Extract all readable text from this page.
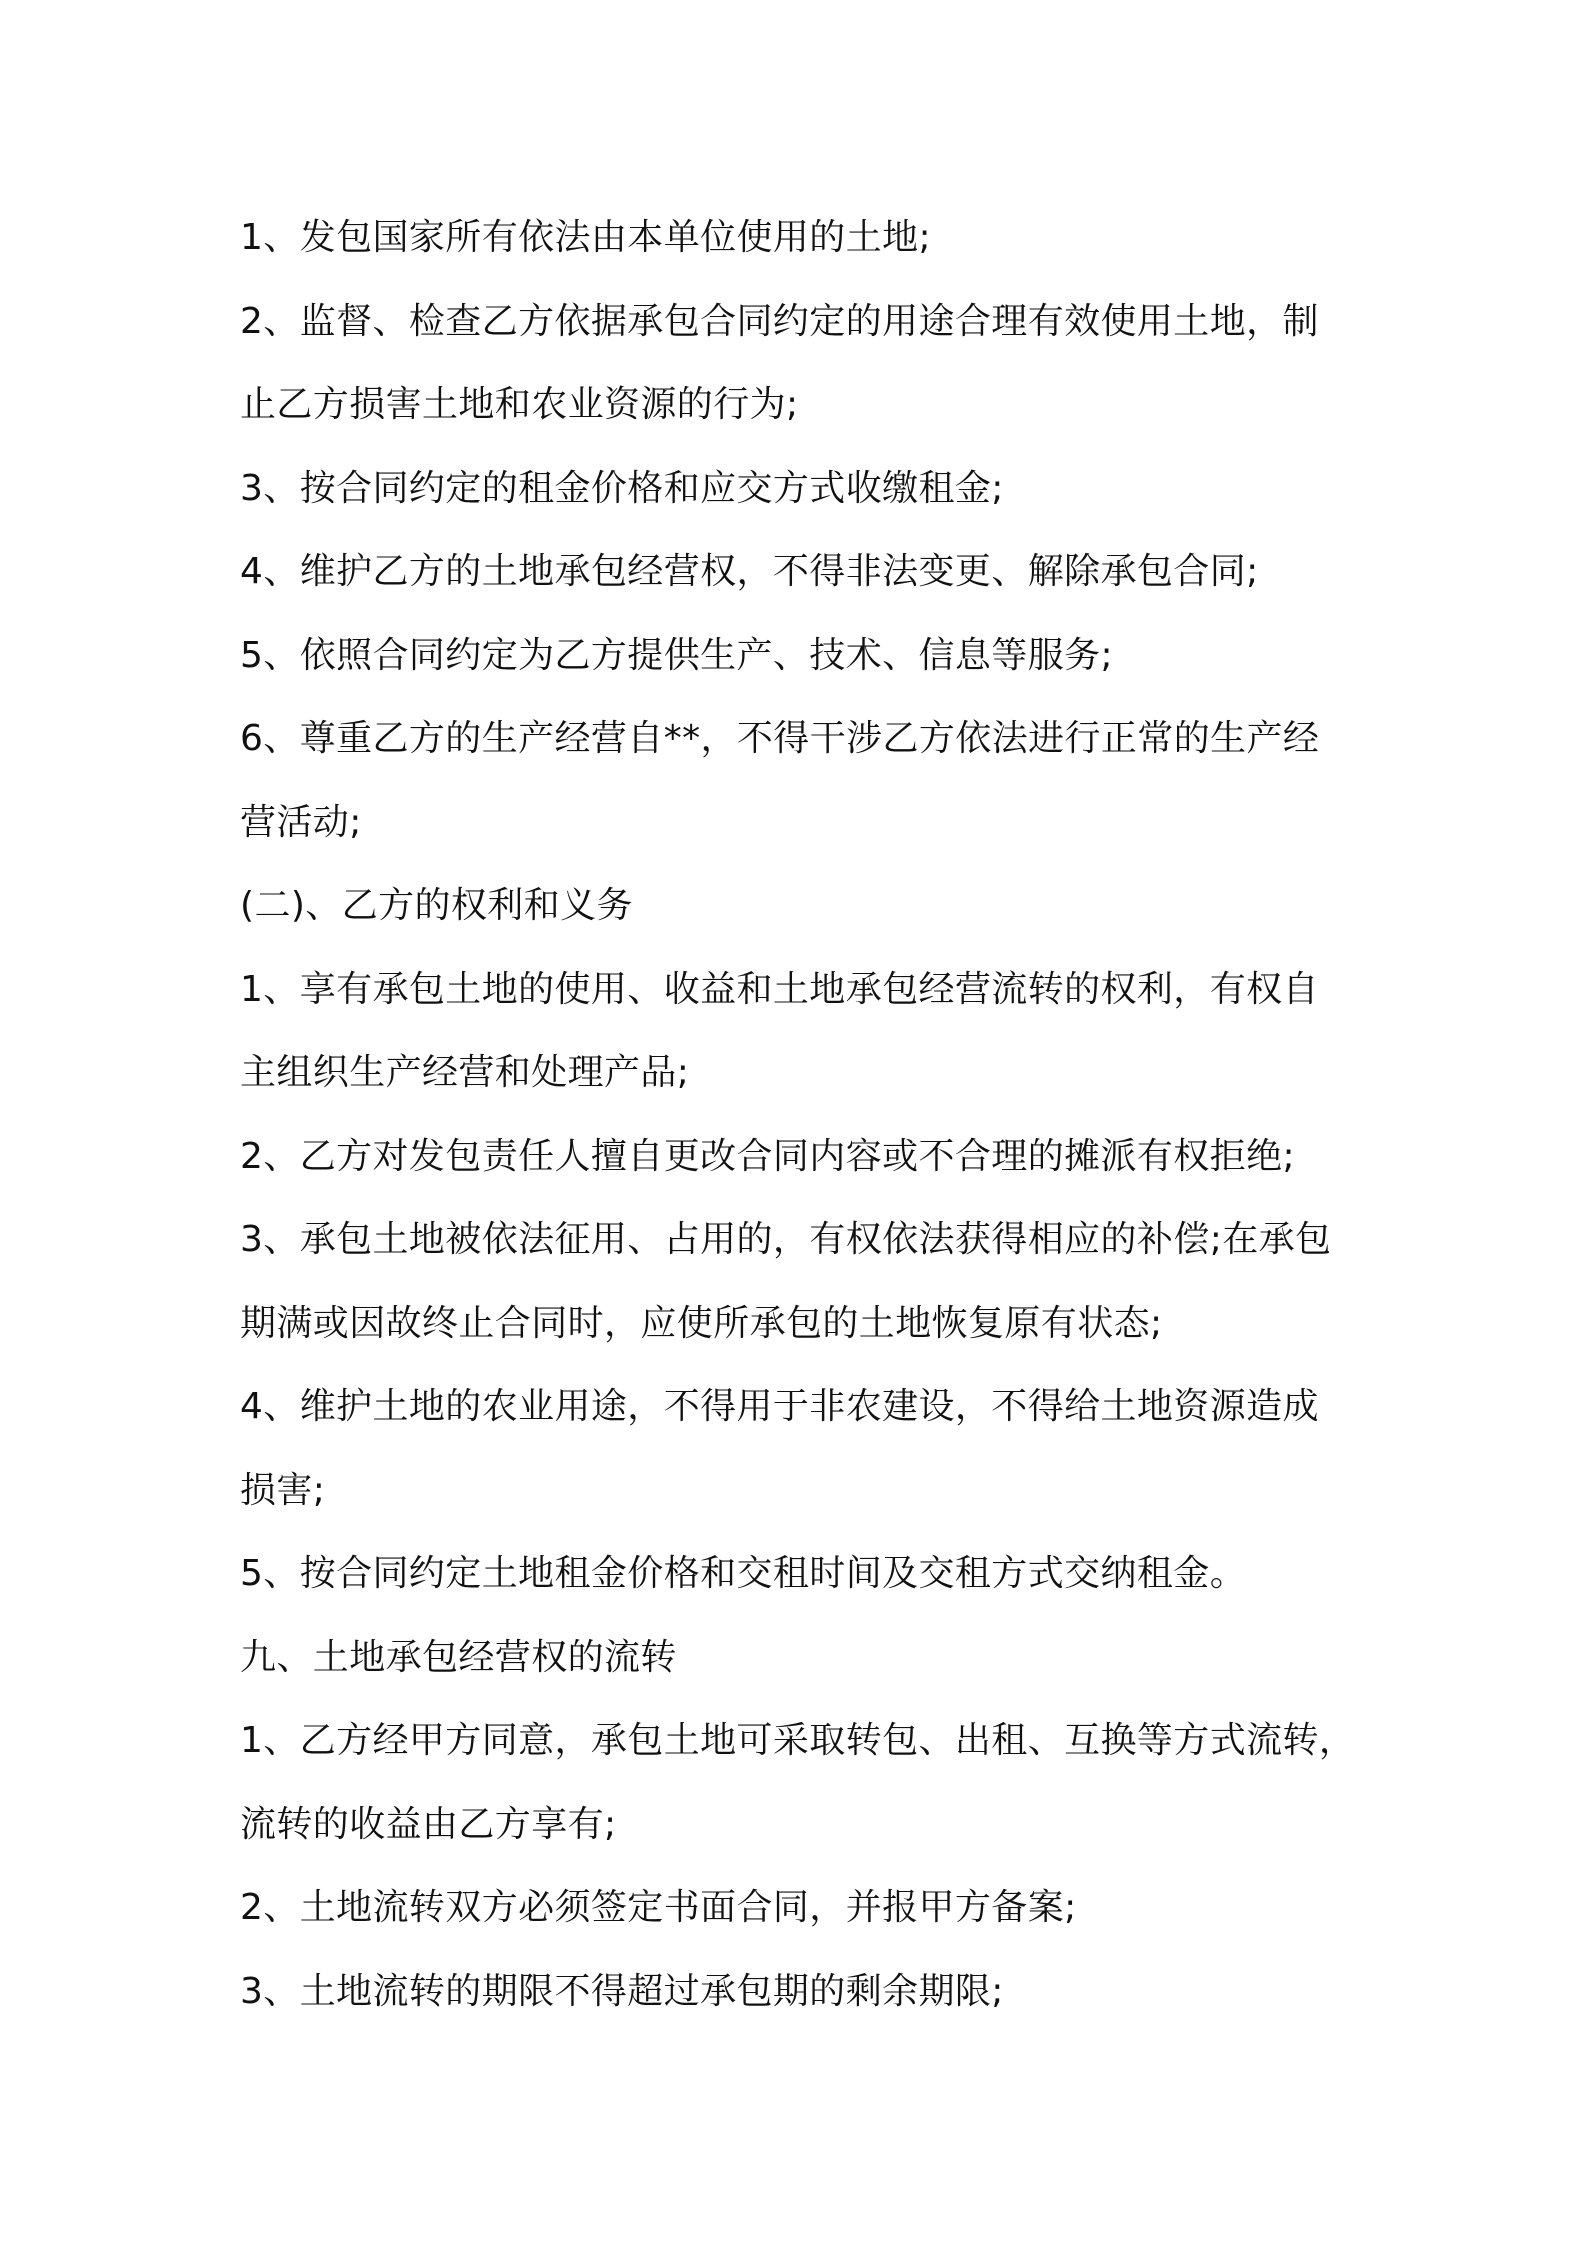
1、发包国家所有依法由本单位使用的土地;
2、监督、检查乙方依据承包合同约定的用途合理有效使用土地，制
止乙方损害土地和农业资源的行为;
3、按合同约定的租金价格和应交方式收缴租金;
4、维护乙方的土地承包经营权，不得非法变更、解除承包合同;
5、依照合同约定为乙方提供生产、技术、信息等服务;
6、尊重乙方的生产经营自**，不得干涉乙方依法进行正常的生产经
营活动;
(二)、乙方的权利和义务
1、享有承包土地的使用、收益和土地承包经营流转的权利，有权自
主组织生产经营和处理产品;
2、乙方对发包责任人擅自更改合同内容或不合理的摊派有权拒绝;
3、承包土地被依法征用、占用的，有权依法获得相应的补偿;在承包
期满或因故终止合同时，应使所承包的土地恢复原有状态;
4、维护土地的农业用途，不得用于非农建设，不得给土地资源造成
损害;
5、按合同约定土地租金价格和交租时间及交租方式交纳租金。
九、土地承包经营权的流转
1、乙方经甲方同意，承包土地可采取转包、出租、互换等方式流转，
流转的收益由乙方享有;
2、土地流转双方必须签定书面合同，并报甲方备案;
3、土地流转的期限不得超过承包期的剩余期限;
